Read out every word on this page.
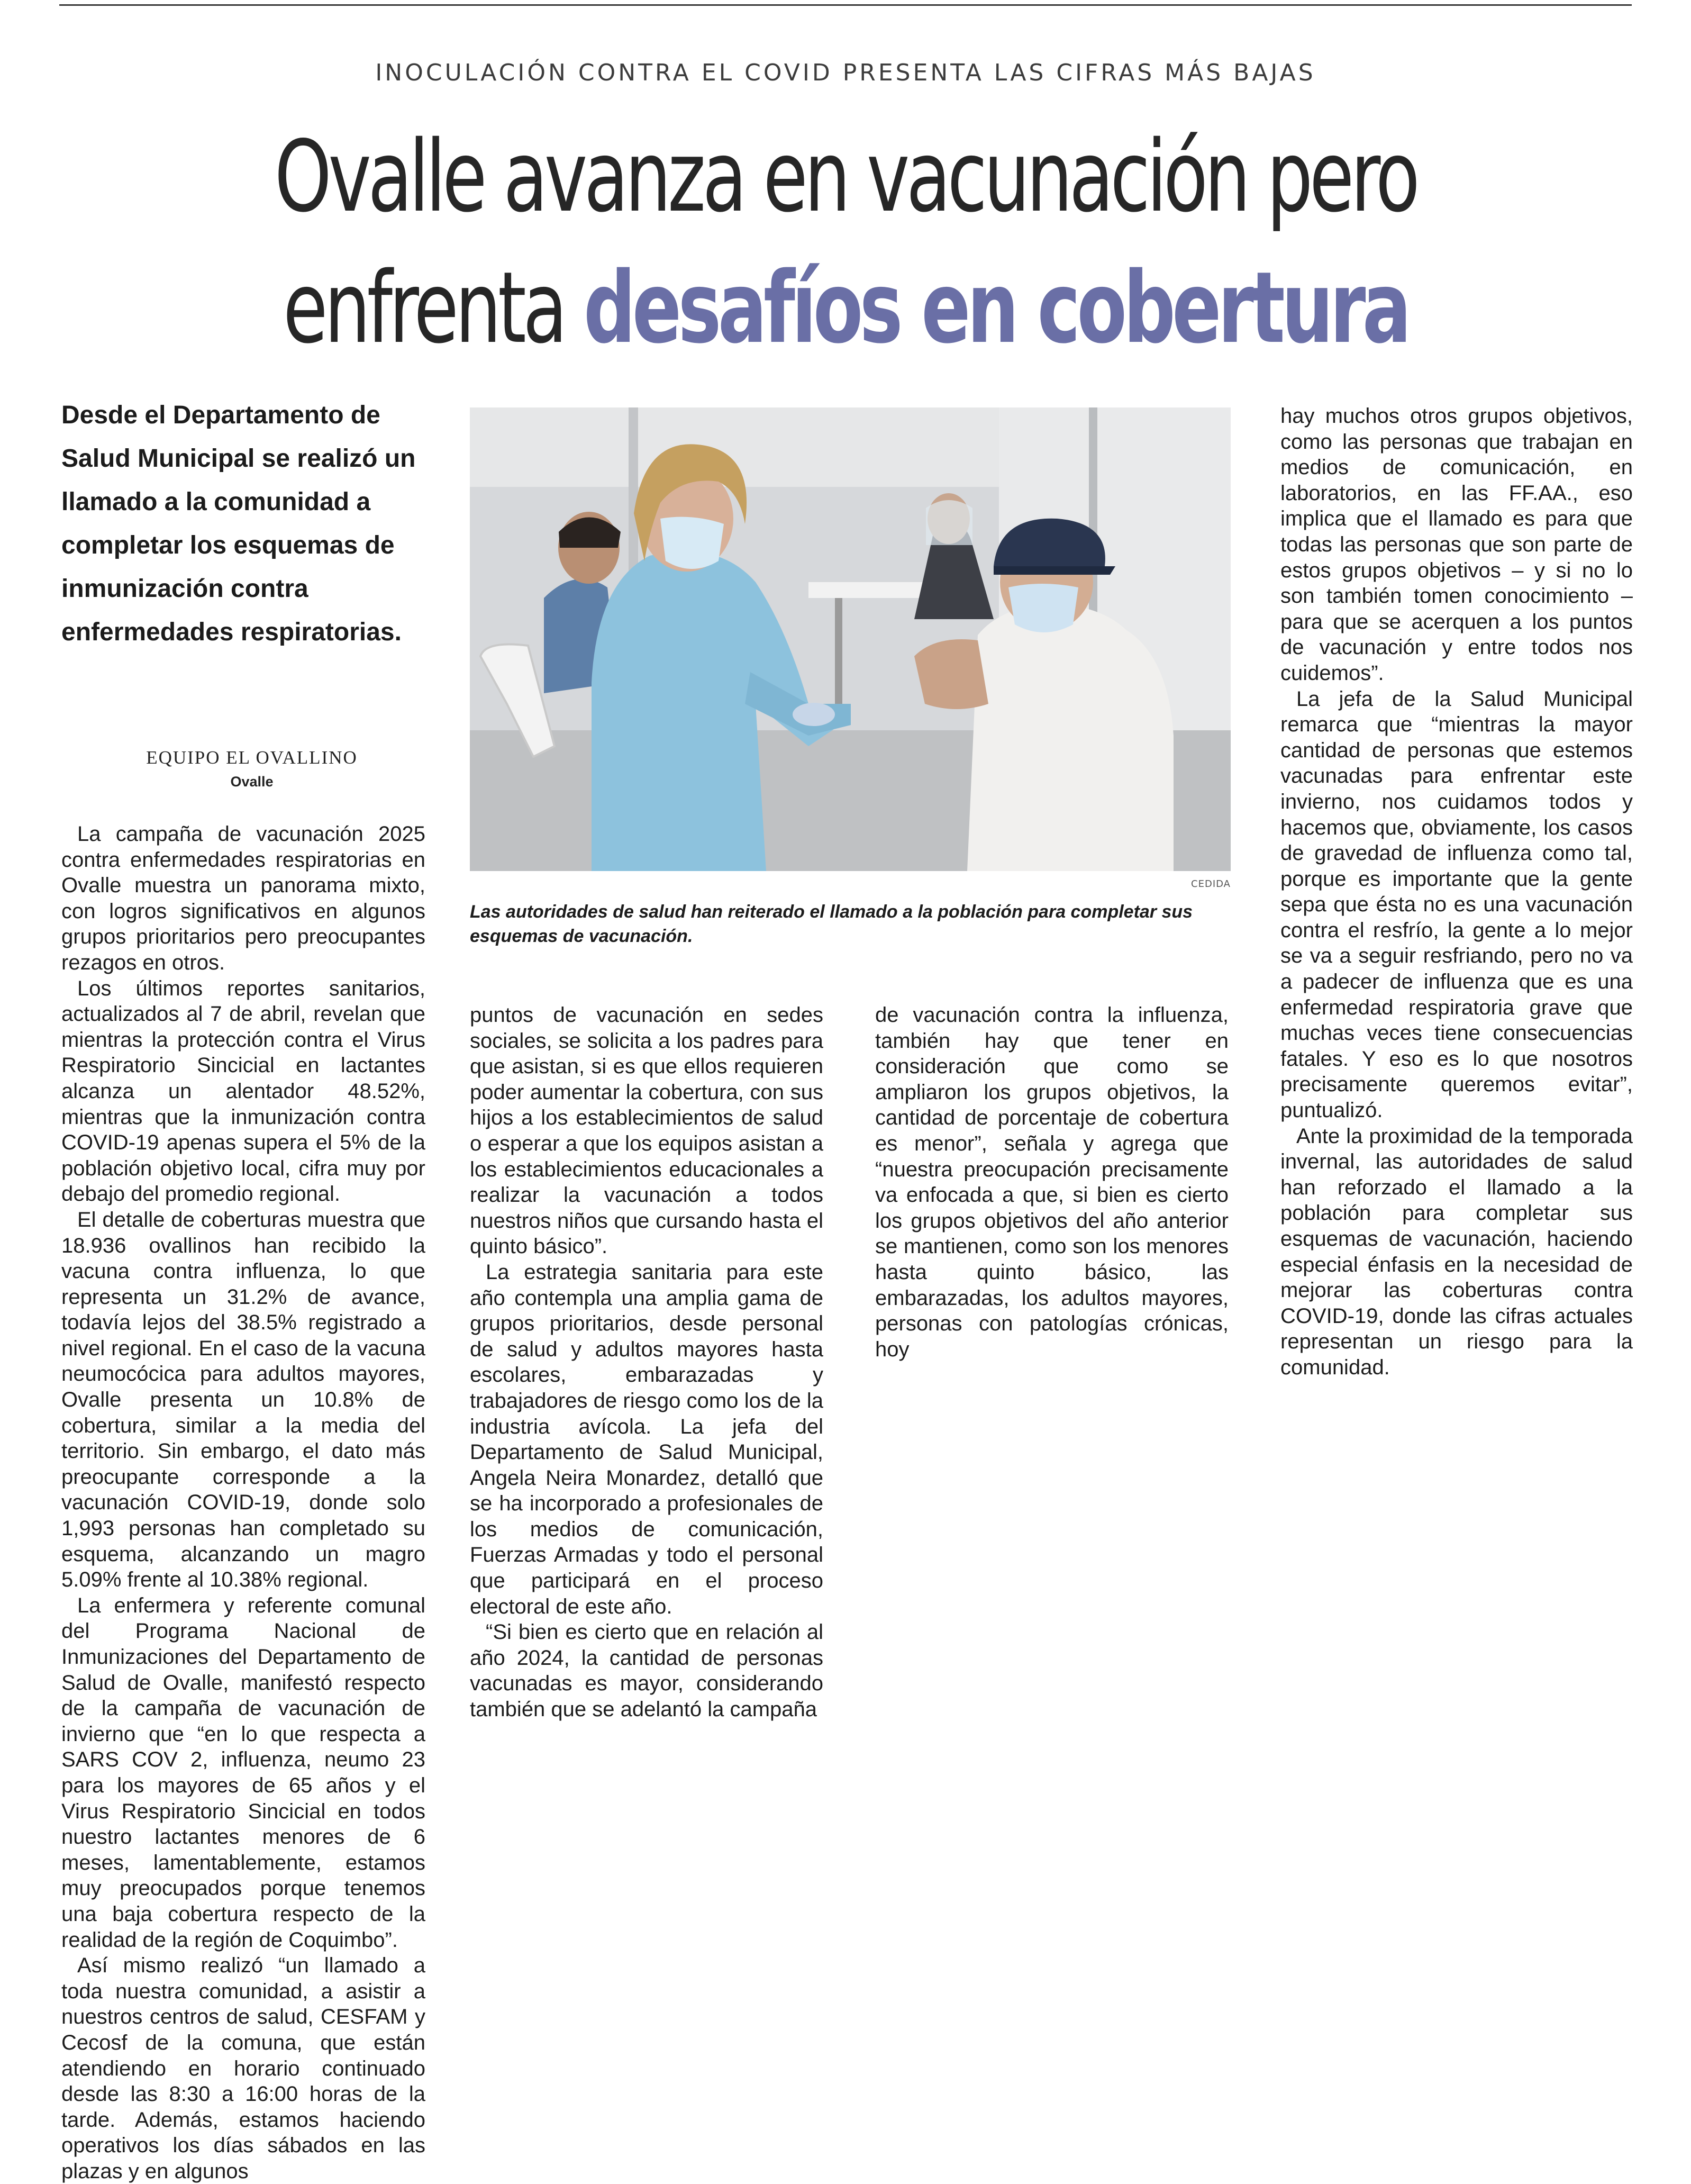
INOCULACIÓN CONTRA EL COVID PRESENTA LAS CIFRAS MÁS BAJAS
Ovalle avanza en vacunación pero enfrenta desafíos en cobertura

Desde el Departamento de Salud Municipal se realizó un llamado a la comunidad a completar los esquemas de inmunización contra enfermedades respiratorias.

EQUIPO EL OVALLINO
Ovalle

La campaña de vacunación 2025 contra enfermedades respiratorias en Ovalle muestra un panorama mixto, con logros significativos en algunos grupos prioritarios pero preocupantes rezagos en otros.

Los últimos reportes sanitarios, actualizados al 7 de abril, revelan que mientras la protección contra el Virus Respiratorio Sincicial en lactantes alcanza un alentador 48.52%, mientras que la inmunización contra COVID-19 apenas supera el 5% de la población objetivo local, cifra muy por debajo del promedio regional.

El detalle de coberturas muestra que 18.936 ovallinos han recibido la vacuna contra influenza, lo que representa un 31.2% de avance, todavía lejos del 38.5% registrado a nivel regional. En el caso de la vacuna neumocócica para adultos mayores, Ovalle presenta un 10.8% de cobertura, similar a la media del territorio. Sin embargo, el dato más preocupante corresponde a la vacunación COVID-19, donde solo 1,993 personas han completado su esquema, alcanzando un magro 5.09% frente al 10.38% regional.

La enfermera y referente comunal del Programa Nacional de Inmunizaciones del Departamento de Salud de Ovalle, manifestó respecto de la campaña de vacunación de invierno que “en lo que respecta a SARS COV 2, influenza, neumo 23 para los mayores de 65 años y el Virus Respiratorio Sincicial en todos nuestro lactantes menores de 6 meses, lamentablemente, estamos muy preocupados porque tenemos una baja cobertura respecto de la realidad de la región de Coquimbo”.

Así mismo realizó “un llamado a toda nuestra comunidad, a asistir a nuestros centros de salud, CESFAM y Cecosf de la comuna, que están atendiendo en horario continuado desde las 8:30 a 16:00 horas de la tarde. Además, estamos haciendo operativos los días sábados en las plazas y en algunos

CEDIDA

Las autoridades de salud han reiterado el llamado a la población para completar sus esquemas de vacunación.

puntos de vacunación en sedes sociales, se solicita a los padres para que asistan, si es que ellos requieren poder aumentar la cobertura, con sus hijos a los establecimientos de salud o esperar a que los equipos asistan a los establecimientos educacionales a realizar la vacunación a todos nuestros niños que cursando hasta el quinto básico”.

La estrategia sanitaria para este año contempla una amplia gama de grupos prioritarios, desde personal de salud y adultos mayores hasta escolares, embarazadas y trabajadores de riesgo como los de la industria avícola. La jefa del Departamento de Salud Municipal, Angela Neira Monardez, detalló que se ha incorporado a profesionales de los medios de comunicación, Fuerzas Armadas y todo el personal que participará en el proceso electoral de este año.

“Si bien es cierto que en relación al año 2024, la cantidad de personas vacunadas es mayor, considerando también que se adelantó la campaña

de vacunación contra la influenza, también hay que tener en consideración que como se ampliaron los grupos objetivos, la cantidad de porcentaje de cobertura es menor”, señala y agrega que “nuestra preocupación precisamente va enfocada a que, si bien es cierto los grupos objetivos del año anterior se mantienen, como son los menores hasta quinto básico, las embarazadas, los adultos mayores, personas con patologías crónicas, hoy

hay muchos otros grupos objetivos, como las personas que trabajan en medios de comunicación, en laboratorios, en las FF.AA., eso implica que el llamado es para que todas las personas que son parte de estos grupos objetivos – y si no lo son también tomen conocimiento – para que se acerquen a los puntos de vacunación y entre todos nos cuidemos”.

La jefa de la Salud Municipal remarca que “mientras la mayor cantidad de personas que estemos vacunadas para enfrentar este invierno, nos cuidamos todos y hacemos que, obviamente, los casos de gravedad de influenza como tal, porque es importante que la gente sepa que ésta no es una vacunación contra el resfrío, la gente a lo mejor se va a seguir resfriando, pero no va a padecer de influenza que es una enfermedad respiratoria grave que muchas veces tiene consecuencias fatales. Y eso es lo que nosotros precisamente queremos evitar”, puntualizó.

Ante la proximidad de la temporada invernal, las autoridades de salud han reforzado el llamado a la población para completar sus esquemas de vacunación, haciendo especial énfasis en la necesidad de mejorar las coberturas contra COVID-19, donde las cifras actuales representan un riesgo para la comunidad.
